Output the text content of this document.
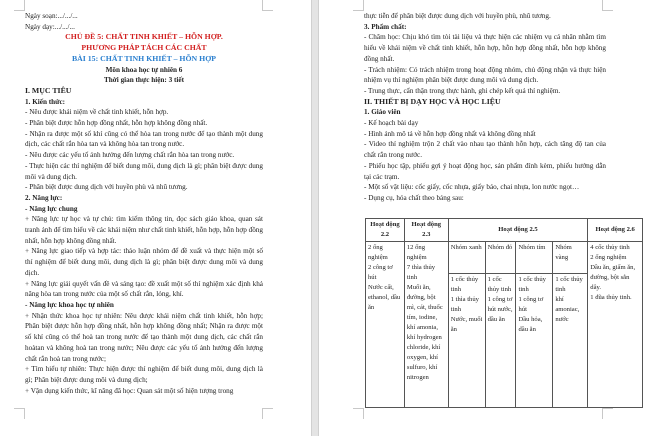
Ngày soạn:.../.../...

Ngày dạy:.../.../...

CHỦ ĐỀ 5: CHẤT TINH KHIẾT – HỖN HỢP.

PHƯƠNG PHÁP TÁCH CÁC CHẤT

BÀI 15: CHẤT TINH KHIẾT – HỖN HỢP

Môn khoa học tự nhiên 6

Thời gian thực hiện: 3 tiết

I. MỤC TIÊU

1. Kiến thức:

- Nêu được khái niệm về chất tinh khiết, hỗn hợp.

- Phân biệt được hỗn hợp đồng nhất, hỗn hợp không đồng nhất.

- Nhận ra được một số khí cũng có thể hòa tan trong nước để tạo thành một dung dịch, các chất rắn hòa tan và không hòa tan trong nước.

- Nêu được các yếu tố ảnh hưởng đến lượng chất rắn hòa tan trong nước.

- Thực hiện các thí nghiệm để biết dung môi, dung dịch là gì; phân biệt được dung môi và dung dịch.

- Phân biệt được dung dịch với huyền phù và nhũ tương.

2. Năng lực:

- Năng lực chung

+ Năng lực tự học và tự chủ: tìm kiếm thông tin, đọc sách giáo khoa, quan sát tranh ảnh để tìm hiểu về các khái niệm như chất tinh khiết, hỗn hợp, hỗn hợp đồng nhất, hỗn hợp không đồng nhất.

+ Năng lực giao tiếp và hợp tác: thảo luận nhóm để đề xuất và thực hiện một số thí nghiệm để biết dung môi, dung dịch là gì; phân biệt được dung môi và dung dịch.

+ Năng lực giải quyết vấn đề và sáng tạo: đề xuất một số thí nghiệm xác định khả năng hòa tan trong nước của một số chất rắn, lỏng, khí.

- Năng lực khoa học tự nhiên

+ Nhận thức khoa học tự nhiên: Nêu được khái niệm chất tinh khiết, hỗn hợp; Phân biệt được hỗn hợp đồng nhất, hỗn hợp không đồng nhất; Nhận ra được một số khí cũng có thể hoà tan trong nước để tạo thành một dung dịch, các chất rắn hoàtan và không hoà tan trong nước; Nêu được các yếu tố ảnh hưởng đến lượng chất rắn hoà tan trong nước;

+ Tìm hiểu tự nhiên: Thực hiện được thí nghiệm để biết dung môi, dung dịch là gì; Phân biệt được dung môi và dung dịch;

+ Vận dụng kiến thức, kĩ năng đã học: Quan sát một số hiện tượng trong

thực tiễn để phân biệt được dung dịch với huyền phù, nhũ tương.

3. Phẩm chất:

- Chăm học: Chịu khó tìm tòi tài liệu và thực hiện các nhiệm vụ cá nhân nhằm tìm hiểu về khái niệm về chất tinh khiết, hỗn hợp, hỗn hợp đồng nhất, hỗn hợp không đồng nhất.

- Trách nhiệm: Có trách nhiệm trong hoạt động nhóm, chủ động nhận và thực hiện nhiệm vụ thí nghiệm phân biệt được dung môi và dung dịch.

- Trung thực, cẩn thận trong thực hành, ghi chép kết quả thí nghiệm.

II. THIẾT BỊ DẠY HỌC VÀ HỌC LIỆU

1. Giáo viên

- Kế hoạch bài dạy

- Hình ảnh mô tả về hỗn hợp đồng nhất và không đồng nhất

- Video thí nghiệm trộn 2 chất vào nhau tạo thành hỗn hợp, cách tăng độ tan của chất rắn trong nước.

- Phiếu học tập, phiếu gợi ý hoạt động học, sản phẩm đính kèm, phiếu hướng dẫn tại các trạm.

- Một số vật liệu: cốc giấy, cốc nhựa, giấy báo, chai nhựa, lon nước ngọt…

- Dụng cụ, hóa chất theo bảng sau:

Hoạt động 2.2	Hoạt động 2.3	Hoạt động 2.5				Hoạt động 2.6

2 ống nghiệm
2 công tơ hút
Nước cất, ethanol, dầu ăn	12 ống nghiệm
7 thìa thủy tinh
Muối ăn, đường, bột mì, cát, thuốc tím, iodine, khí amonia, khí hydrogen chloride, khí oxygen, khí sulfuro, khí nitrogen	Nhóm xanh	Nhóm đỏ	Nhóm tím	Nhóm vàng	4 cốc thủy tinh
2 ống nghiệm
Dầu ăn, giấm ăn, đường, bột sắn dây.
1 đũa thủy tinh.

		1 cốc thủy tinh
1 thìa thủy tinh
Nước, muối ăn	1 cốc thủy tinh
1 công tơ hút nước, dầu ăn	1 cốc thủy tinh
1 công tơ hút
Dầu hỏa, dầu ăn	1 cốc thủy tinh
khí amoniac, nước	
